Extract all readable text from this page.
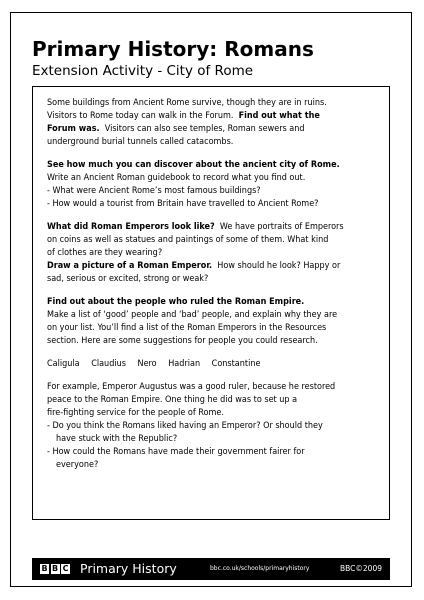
Primary History: Romans
Extension Activity - City of Rome

Some buildings from Ancient Rome survive, though they are in ruins.
Visitors to Rome today can walk in the Forum. Find out what the
Forum was. Visitors can also see temples, Roman sewers and
underground burial tunnels called catacombs.

See how much you can discover about the ancient city of Rome.
Write an Ancient Roman guidebook to record what you find out.
- What were Ancient Rome’s most famous buildings?
- How would a tourist from Britain have travelled to Ancient Rome?

What did Roman Emperors look like? We have portraits of Emperors
on coins as well as statues and paintings of some of them. What kind
of clothes are they wearing?
Draw a picture of a Roman Emperor. How should he look? Happy or
sad, serious or excited, strong or weak?

Find out about the people who ruled the Roman Empire.
Make a list of ‘good’ people and ‘bad’ people, and explain why they are
on your list. You’ll find a list of the Roman Emperors in the Resources
section. Here are some suggestions for people you could research.

Caligula Claudius Nero Hadrian Constantine

For example, Emperor Augustus was a good ruler, because he restored
peace to the Roman Empire. One thing he did was to set up a
fire-fighting service for the people of Rome.
- Do you think the Romans liked having an Emperor? Or should they
have stuck with the Republic?
- How could the Romans have made their government fairer for
everyone?

B B C Primary History	bbc.co.uk/schools/primaryhistory	BBC©2009
